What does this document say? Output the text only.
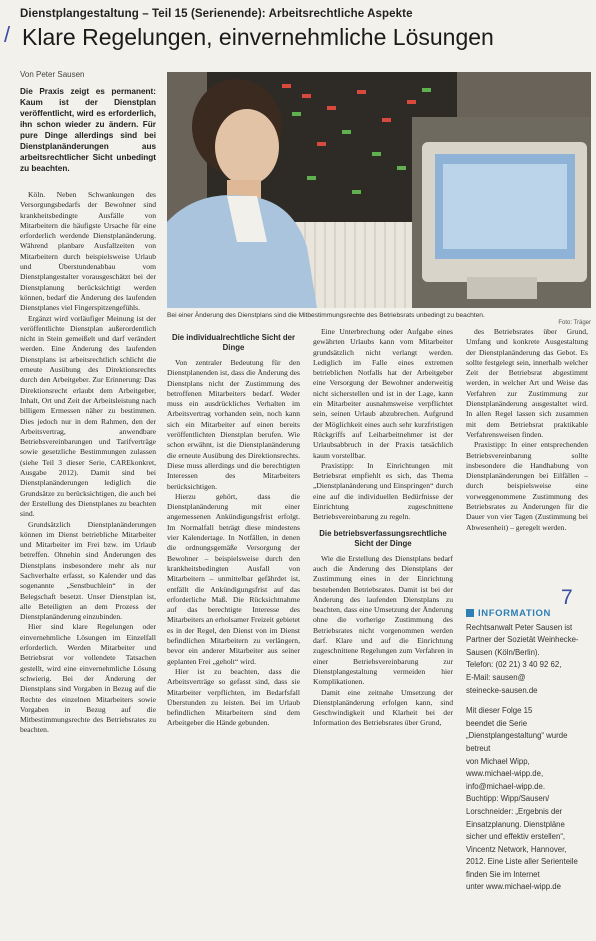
Dienstplangestaltung – Teil 15 (Serienende): Arbeitsrechtliche Aspekte
/ Klare Regelungen, einvernehmliche Lösungen
Von Peter Sausen
Die Praxis zeigt es permanent: Kaum ist der Dienstplan veröffentlicht, wird es erforderlich, ihn schon wieder zu ändern. Für pure Dinge allerdings sind bei Dienstplanänderungen aus arbeitsrechtlicher Sicht unbedingt zu beachten.
Bei einer Änderung des Dienstplans sind die Mitbestimmungsrechte des Betriebsrats unbedingt zu beachten.
Foto: Träger

Köln. Neben Schwankungen des Versorgungsbedarfs der Bewohner sind krankheitsbedingte Ausfälle von Mitarbeitern die häufigste Ursache für eine erforderlich werdende Dienstplanänderung. Während planbare Ausfallzeiten von Mitarbeitern durch beispielsweise Urlaub und Überstundenabbau vom Dienstplangestalter vorausgeschätzt bei der Dienstplanung berücksichtigt werden können, bedarf die Änderung des laufenden Dienstplanes viel Fingerspitzengefühls.

Ergänzt wird vorläufiger Meinung ist der veröffentlichte Dienstplan außerordentlich nicht in Stein gemeißelt und darf verändert werden. Eine Änderung des laufenden Dienstplans ist arbeitsrechtlich schlicht die erneute Ausübung des Direktionsrechts durch den Arbeitgeber. Zur Erinnerung: Das Direktionsrecht erlaubt dem Arbeitgeber, Inhalt, Ort und Zeit der Arbeitsleistung nach billigem Ermessen näher zu bestimmen. Dies jedoch nur in dem Rahmen, den der Arbeitsvertrag, anwendbare Betriebsvereinbarungen und Tarifverträge sowie gesetzliche Bestimmungen zulassen (siehe Teil 3 dieser Serie, CAREkonkret, Ausgabe 2012). Damit sind bei Dienstplanänderungen lediglich die Grundsätze zu berücksichtigen, die auch bei der Erstellung des Dienstplanes zu beachten sind.

Grundsätzlich Dienstplanänderungen können im Dienst betriebliche Mitarbeiter und Mitarbeiter im Frei bzw. im Urlaub betreffen. Ohnehin sind Änderungen des Dienstplans insbesondere mehr als nur Sachverhalte erfasst, so Kalender und das sogenannte „Senstbuchlein“ in der Belegschaft besetzt. Unser Dienstplan ist, alle Beteiligten an dem Prozess der Dienstplanänderung einzubinden.

Hier sind klare Regelungen oder einvernehmliche Lösungen im Einzelfall erforderlich. Werden Mitarbeiter und Betriebsrat vor vollendete Tatsachen gestellt, wird eine einvernehmliche Lösung schwierig. Bei der Änderung der Dienstplans sind Vorgaben in Bezug auf die Rechte des einzelnen Mitarbeiters sowie Vorgaben in Bezug auf die Mitbestimmungsrechte des Betriebsrates zu beachten.

Die individualrechtliche Sicht der Dinge

Von zentraler Bedeutung für den Dienstplanenden ist, dass die Änderung des Dienstplans nicht der Zustimmung des betroffenen Mitarbeiters bedarf. Weder muss ein ausdrückliches Verhalten im Arbeitsvertrag vorhanden sein, noch kann sich ein Mitarbeiter auf einen bereits veröffentlichten Dienstplan berufen. Wie schon erwähnt, ist die Dienstplanänderung die erneute Ausübung des Direktionsrechts. Diese muss allerdings und die berechtigten Interessen des Mitarbeiters berücksichtigen.

Hierzu gehört, dass die Dienstplanänderung mit einer angemessenen Ankündigungsfrist erfolgt. Im Normalfall beträgt diese mindestens vier Kalendertage. In Notfällen, in denen die ordnungsgemäße Versorgung der Bewohner – beispielsweise durch den krankheitsbedingten Ausfall von Mitarbeitern – unmittelbar gefährdet ist, entfällt die Ankündigungsfrist auf das erforderliche Maß. Die Rücksichtnahme auf das berechtigte Interesse des Mitarbeiters an erholsamer Freizeit gebietet es in der Regel, den Dienst von im Dienst befindlichen Mitarbeitern zu verlängern, bevor ein anderer Mitarbeiter aus seiner geplanten Frei „geholt“ wird.

Hier ist zu beachten, dass die Arbeitsverträge so gefasst sind, dass sie Mitarbeiter verpflichten, im Bedarfsfall Überstunden zu leisten. Bei im Urlaub befindlichen Mitarbeitern sind dem Arbeitgeber die Hände gebunden.

Eine Unterbrechung oder Aufgabe eines gewährten Urlaubs kann vom Mitarbeiter grundsätzlich nicht verlangt werden. Lediglich im Falle eines extremen betrieblichen Notfalls hat der Arbeitgeber eine Versorgung der Bewohner anderweitig nicht sicherstellen und ist in der Lage, kann ein Mitarbeiter ausnahmsweise verpflichtet sein, seinen Urlaub abzubrechen. Aufgrund der Möglichkeit eines auch sehr kurzfristigen Rückgriffs auf Leiharbeitnehmer ist der Urlaubsabbruch in der Praxis tatsächlich kaum vorstellbar.

Praxistipp: In Einrichtungen mit Betriebsrat empfiehlt es sich, das Thema „Dienstplanänderung und Einspringen“ durch eine auf die individuellen Bedürfnisse der Einrichtung zugeschnittene Betriebsvereinbarung zu regeln.

Die betriebsverfassungsrechtliche Sicht der Dinge

Wie die Erstellung des Dienstplans bedarf auch die Änderung des Dienstplans der Zustimmung eines in der Einrichtung bestehenden Betriebsrates. Damit ist bei der Änderung des laufenden Dienstplans zu beachten, dass eine Umsetzung der Änderung ohne die vorherige Zustimmung des Betriebsrates nicht vorgenommen werden darf. Klare und auf die Einrichtung zugeschnittene Regelungen zum Verfahren in einer Betriebsvereinbarung zur Dienstplangestaltung vermeiden hier Komplikationen.

Damit eine zeitnahe Umsetzung der Dienstplanänderung erfolgen kann, sind Geschwindigkeit und Klarheit bei der Information des Betriebsrates über Grund,

des Betriebsrates über Grund, Umfang und konkrete Ausgestaltung der Dienstplanänderung das Gebot. Es sollte festgelegt sein, innerhalb welcher Zeit der Betriebsrat abgestimmt werden, in welcher Art und Weise das Verfahren zur Zustimmung zur Dienstplanänderung ausgestaltet wird. In allen Regel lassen sich zusammen mit dem Betriebsrat praktikable Verfahrensweisen finden.

Praxistipp: In einer entsprechenden Betriebsvereinbarung sollte insbesondere die Handhabung von Dienstplanänderungen bei Eilfällen – durch beispielsweise eine vorweggenommene Zustimmung des Betriebsrates zu Änderungen für die Dauer von vier Tagen (Zustimmung bei Abwesenheit) – geregelt werden.

7
INFORMATION
Rechtsanwalt Peter Sausen ist
Partner der Sozietät Weinhecke-Sausen (Köln/Berlin).
Telefon: (02 21) 3 40 92 62,
E-Mail: sausen@
steinecke-sausen.de
Mit dieser Folge 15
beendet die Serie „Dienstplangestaltung“ wurde betreut
von Michael Wipp,
www.michael-wipp.de,
info@michael-wipp.de.
Buchtipp: Wipp/Sausen/
Lorschneider: „Ergebnis der
Einsatzplanung. Dienstpläne
sicher und effektiv erstellen“,
Vincentz Network, Hannover,
2012. Eine Liste aller Serienteile finden Sie im Internet
unter www.michael-wipp.de
